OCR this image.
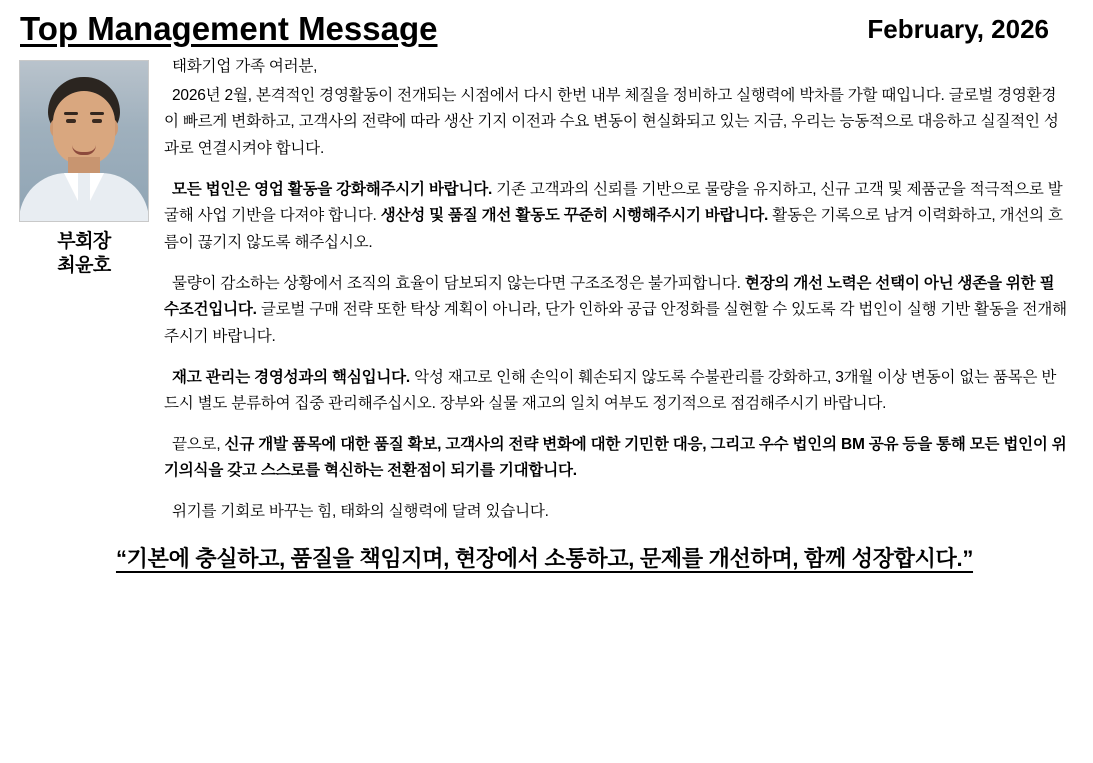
Top Management Message	February, 2026
부회장
최윤호

태화기업 가족 여러분,

2026년 2월, 본격적인 경영활동이 전개되는 시점에서 다시 한번 내부 체질을 정비하고 실행력에 박차를 가할 때입니다. 글로벌 경영환경이 빠르게 변화하고, 고객사의 전략에 따라 생산 기지 이전과 수요 변동이 현실화되고 있는 지금, 우리는 능동적으로 대응하고 실질적인 성과로 연결시켜야 합니다.

모든 법인은 영업 활동을 강화해주시기 바랍니다. 기존 고객과의 신뢰를 기반으로 물량을 유지하고, 신규 고객 및 제품군을 적극적으로 발굴해 사업 기반을 다져야 합니다. 생산성 및 품질 개선 활동도 꾸준히 시행해주시기 바랍니다. 활동은 기록으로 남겨 이력화하고, 개선의 흐름이 끊기지 않도록 해주십시오.

물량이 감소하는 상황에서 조직의 효율이 담보되지 않는다면 구조조정은 불가피합니다. 현장의 개선 노력은 선택이 아닌 생존을 위한 필수조건입니다. 글로벌 구매 전략 또한 탁상 계획이 아니라, 단가 인하와 공급 안정화를 실현할 수 있도록 각 법인이 실행 기반 활동을 전개해주시기 바랍니다.

재고 관리는 경영성과의 핵심입니다. 악성 재고로 인해 손익이 훼손되지 않도록 수불관리를 강화하고, 3개월 이상 변동이 없는 품목은 반드시 별도 분류하여 집중 관리해주십시오. 장부와 실물 재고의 일치 여부도 정기적으로 점검해주시기 바랍니다.

끝으로, 신규 개발 품목에 대한 품질 확보, 고객사의 전략 변화에 대한 기민한 대응, 그리고 우수 법인의 BM 공유 등을 통해 모든 법인이 위기의식을 갖고 스스로를 혁신하는 전환점이 되기를 기대합니다.

위기를 기회로 바꾸는 힘, 태화의 실행력에 달려 있습니다.

“기본에 충실하고, 품질을 책임지며, 현장에서 소통하고, 문제를 개선하며, 함께 성장합시다.”
